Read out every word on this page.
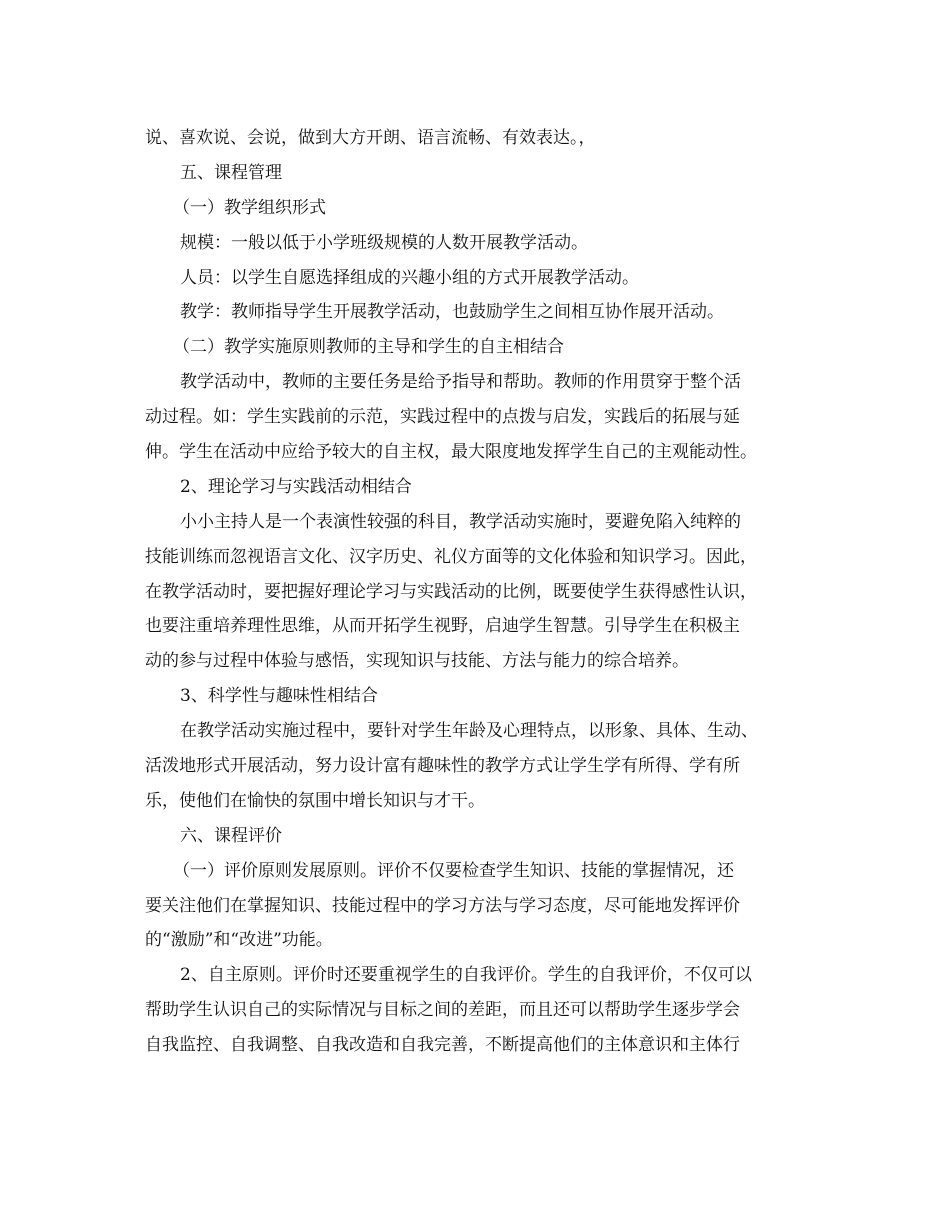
说、喜欢说、会说，做到大方开朗、语言流畅、有效表达。，
五、课程管理
（一）教学组织形式
规模：一般以低于小学班级规模的人数开展教学活动。
人员：以学生自愿选择组成的兴趣小组的方式开展教学活动。
教学：教师指导学生开展教学活动，也鼓励学生之间相互协作展开活动。
（二）教学实施原则教师的主导和学生的自主相结合
教学活动中，教师的主要任务是给予指导和帮助。教师的作用贯穿于整个活
动过程。如：学生实践前的示范，实践过程中的点拨与启发，实践后的拓展与延
伸。学生在活动中应给予较大的自主权，最大限度地发挥学生自己的主观能动性。
2、理论学习与实践活动相结合
小小主持人是一个表演性较强的科目，教学活动实施时，要避免陷入纯粹的
技能训练而忽视语言文化、汉字历史、礼仪方面等的文化体验和知识学习。因此，
在教学活动时，要把握好理论学习与实践活动的比例，既要使学生获得感性认识，
也要注重培养理性思维，从而开拓学生视野，启迪学生智慧。引导学生在积极主
动的参与过程中体验与感悟，实现知识与技能、方法与能力的综合培养。
3、科学性与趣味性相结合
在教学活动实施过程中，要针对学生年龄及心理特点，以形象、具体、生动、
活泼地形式开展活动，努力设计富有趣味性的教学方式让学生学有所得、学有所
乐，使他们在愉快的氛围中增长知识与才干。
六、课程评价
（一）评价原则发展原则。评价不仅要检查学生知识、技能的掌握情况，还
要关注他们在掌握知识、技能过程中的学习方法与学习态度，尽可能地发挥评价
的“激励”和“改进”功能。
2、自主原则。评价时还要重视学生的自我评价。学生的自我评价，不仅可以
帮助学生认识自己的实际情况与目标之间的差距，而且还可以帮助学生逐步学会
自我监控、自我调整、自我改造和自我完善，不断提高他们的主体意识和主体行
